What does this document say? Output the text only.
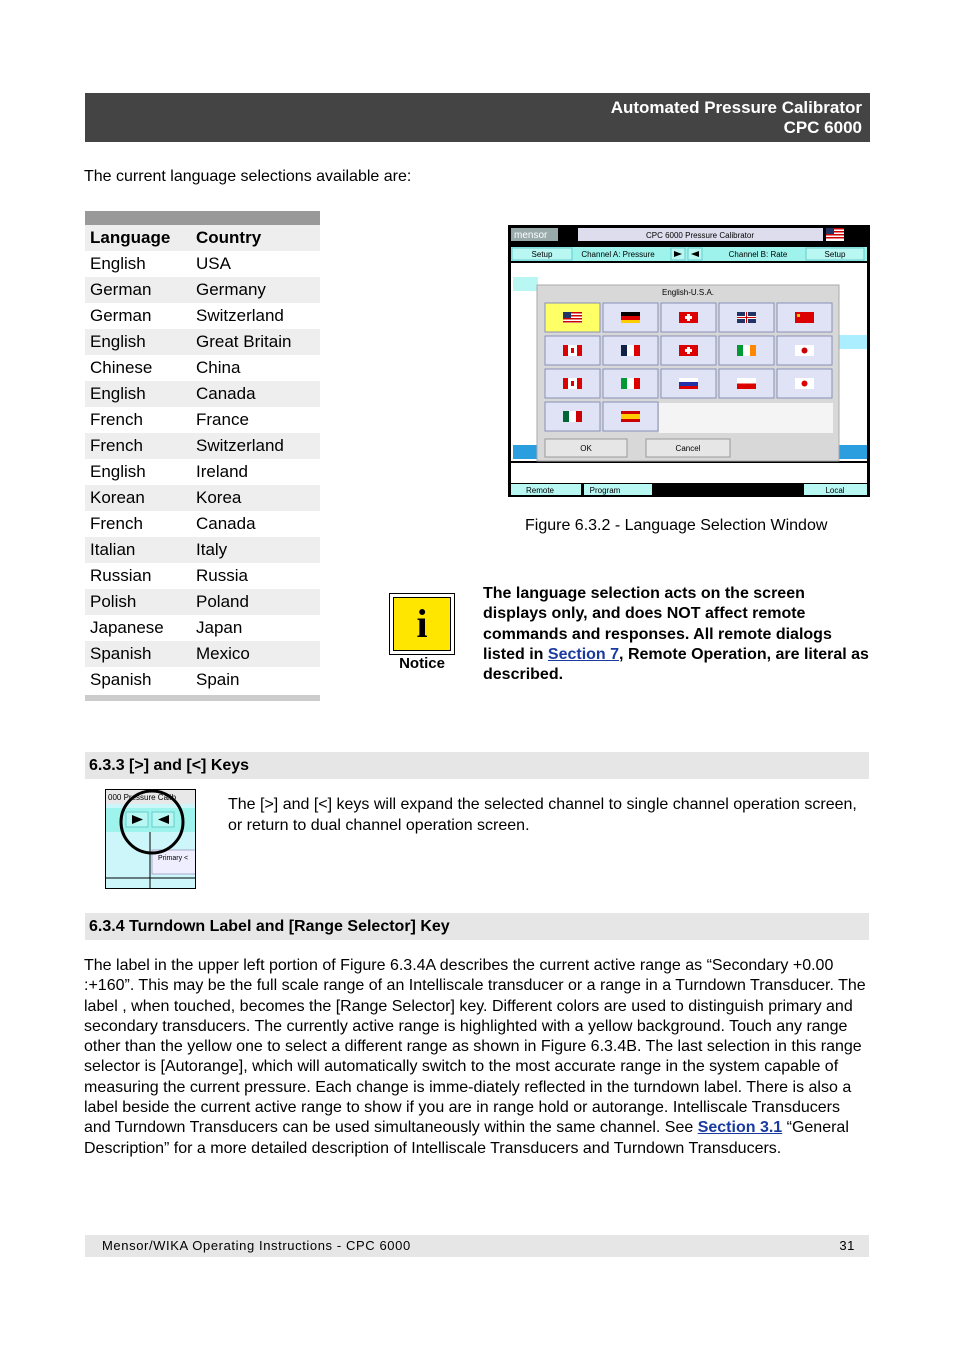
Automated Pressure Calibrator
CPC 6000
The current language selections available are:
Language	Country
English	USA
German	Germany
German	Switzerland
English	Great Britain
Chinese	China
English	Canada
French	France
French	Switzerland
English	Ireland
Korean	Korea
French	Canada
Italian	Italy
Russian	Russia
Polish	Poland
Japanese	Japan
Spanish	Mexico
Spanish	Spain
mensor	CPC 6000 Pressure Calibrator
Setup	Channel A: Pressure	Channel B: Rate	Setup
English-U.S.A.
OK	Cancel
Remote	Program	Local
Figure 6.3.2 - Language Selection Window
i
Notice
The language selection acts on the screen displays only, and does NOT affect remote commands and responses. All remote dialogs listed in Section 7, Remote Operation, are literal as described.
6.3.3 [>] and [<] Keys
000 Pressure Calib
Primary <
The [>] and [<] keys will expand the selected channel to single channel operation screen, or return to dual channel operation screen.
6.3.4 Turndown Label and [Range Selector] Key
The label in the upper left portion of Figure 6.3.4A describes the current active range as “Secondary +0.00 :+160”. This may be the full scale range of an Intelliscale transducer or a range in a Turndown Transducer. The label , when touched, becomes the [Range Selector] key. Different colors are used to distinguish primary and secondary transducers. The currently active range is highlighted with a yellow background. Touch any range other than the yellow one to select a different range as shown in Figure 6.3.4B. The last selection in this range selector is [Autorange], which will automatically switch to the most accurate range in the system capable of measuring the current pressure. Each change is imme-diately reflected in the turndown label. There is also a label beside the current active range to show if you are in range hold or autorange. Intelliscale Transducers and Turndown Transducers can be used simultaneously within the same channel. See Section 3.1 “General Description” for a more detailed description of Intelliscale Transducers and Turndown Transducers.
Mensor/WIKA Operating Instructions - CPC 6000	31
